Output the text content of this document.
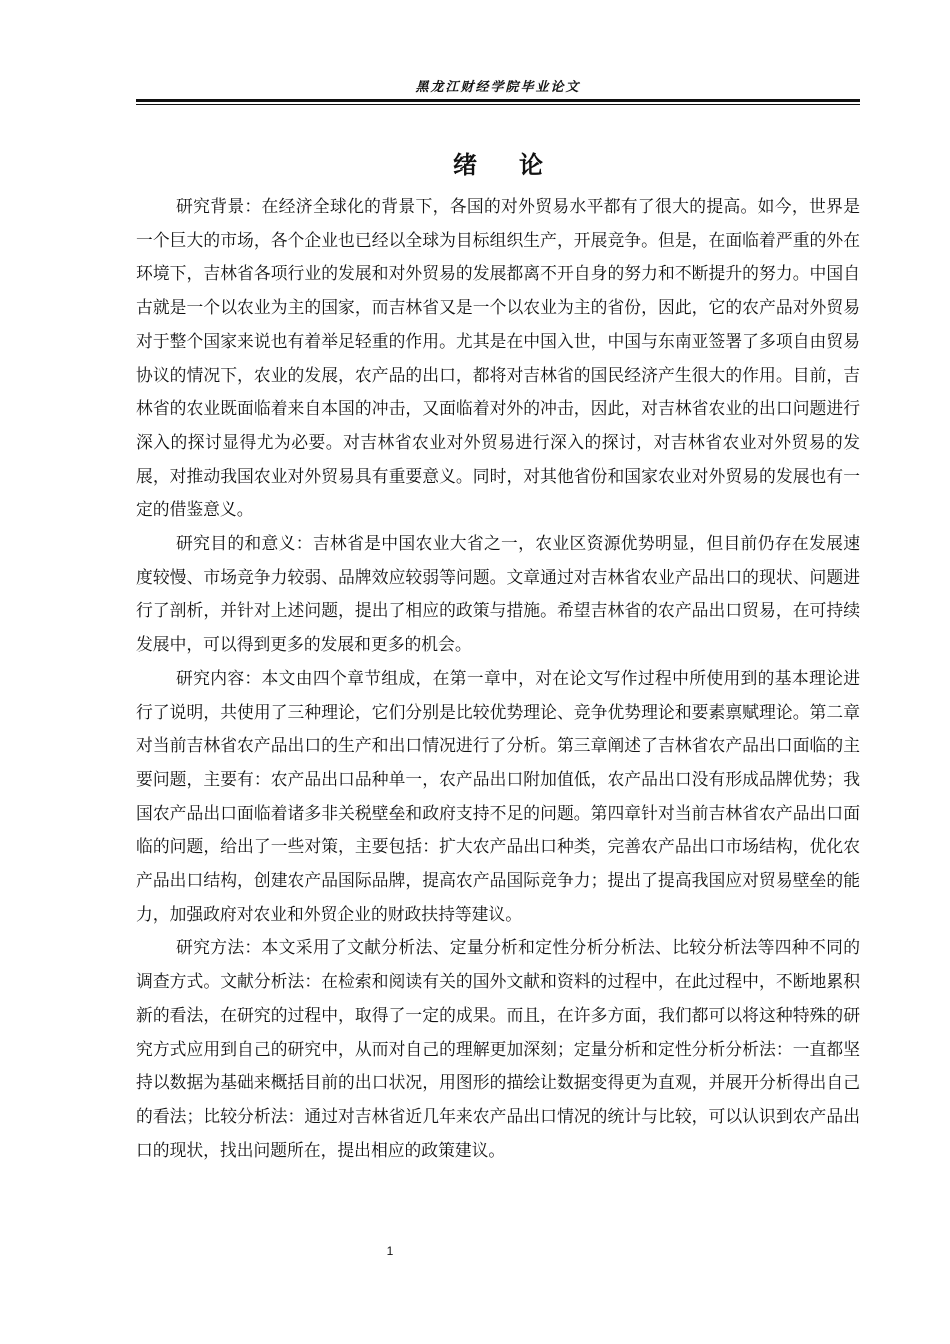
黑龙江财经学院毕业论文
绪论

研究背景：在经济全球化的背景下，各国的对外贸易水平都有了很大的提高。如今，世界是一个巨大的市场，各个企业也已经以全球为目标组织生产，开展竞争。但是，在面临着严重的外在环境下，吉林省各项行业的发展和对外贸易的发展都离不开自身的努力和不断提升的努力。中国自古就是一个以农业为主的国家，而吉林省又是一个以农业为主的省份，因此，它的农产品对外贸易对于整个国家来说也有着举足轻重的作用。尤其是在中国入世，中国与东南亚签署了多项自由贸易协议的情况下，农业的发展，农产品的出口，都将对吉林省的国民经济产生很大的作用。目前，吉林省的农业既面临着来自本国的冲击，又面临着对外的冲击，因此，对吉林省农业的出口问题进行深入的探讨显得尤为必要。对吉林省农业对外贸易进行深入的探讨，对吉林省农业对外贸易的发展，对推动我国农业对外贸易具有重要意义。同时，对其他省份和国家农业对外贸易的发展也有一定的借鉴意义。

研究目的和意义：吉林省是中国农业大省之一，农业区资源优势明显，但目前仍存在发展速度较慢、市场竞争力较弱、品牌效应较弱等问题。文章通过对吉林省农业产品出口的现状、问题进行了剖析，并针对上述问题，提出了相应的政策与措施。希望吉林省的农产品出口贸易，在可持续发展中，可以得到更多的发展和更多的机会。

研究内容：本文由四个章节组成，在第一章中，对在论文写作过程中所使用到的基本理论进行了说明，共使用了三种理论，它们分别是比较优势理论、竞争优势理论和要素禀赋理论。第二章对当前吉林省农产品出口的生产和出口情况进行了分析。第三章阐述了吉林省农产品出口面临的主要问题，主要有：农产品出口品种单一，农产品出口附加值低，农产品出口没有形成品牌优势；我国农产品出口面临着诸多非关税壁垒和政府支持不足的问题。第四章针对当前吉林省农产品出口面临的问题，给出了一些对策，主要包括：扩大农产品出口种类，完善农产品出口市场结构，优化农产品出口结构，创建农产品国际品牌，提高农产品国际竞争力；提出了提高我国应对贸易壁垒的能力，加强政府对农业和外贸企业的财政扶持等建议。

研究方法：本文采用了文献分析法、定量分析和定性分析分析法、比较分析法等四种不同的调查方式。文献分析法：在检索和阅读有关的国外文献和资料的过程中，在此过程中，不断地累积新的看法，在研究的过程中，取得了一定的成果。而且，在许多方面，我们都可以将这种特殊的研究方式应用到自己的研究中，从而对自己的理解更加深刻；定量分析和定性分析分析法：一直都坚持以数据为基础来概括目前的出口状况，用图形的描绘让数据变得更为直观，并展开分析得出自己的看法；比较分析法：通过对吉林省近几年来农产品出口情况的统计与比较，可以认识到农产品出口的现状，找出问题所在，提出相应的政策建议。

1
